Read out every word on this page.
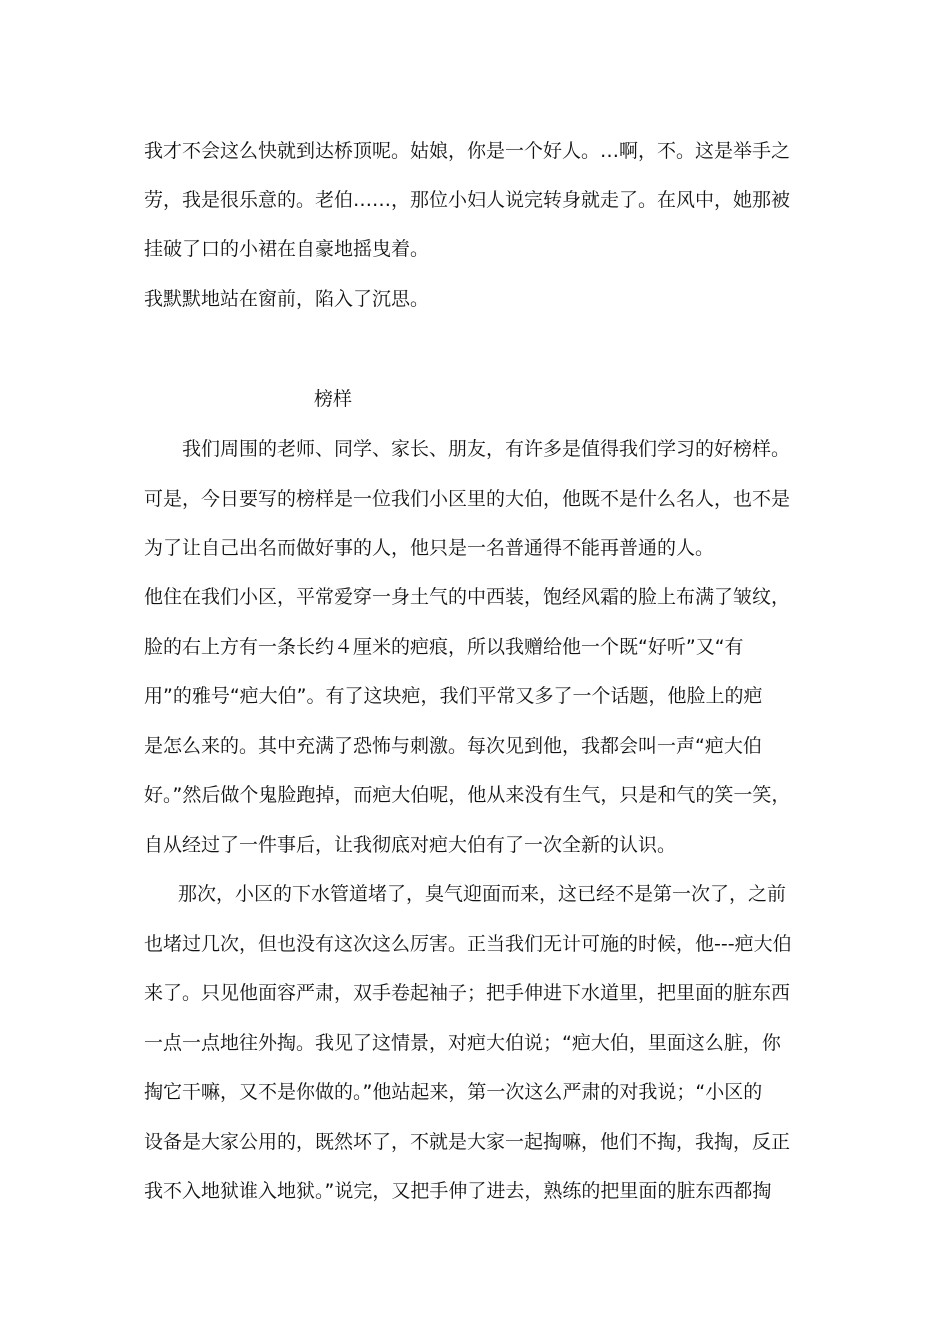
我才不会这么快就到达桥顶呢。姑娘，你是一个好人。…啊，不。这是举手之
劳，我是很乐意的。老伯……，那位小妇人说完转身就走了。在风中，她那被
挂破了口的小裙在自豪地摇曳着。
我默默地站在窗前，陷入了沉思。
榜样
我们周围的老师、同学、家长、朋友，有许多是值得我们学习的好榜样。
可是，今日要写的榜样是一位我们小区里的大伯，他既不是什么名人，也不是
为了让自己出名而做好事的人，他只是一名普通得不能再普通的人。
他住在我们小区，平常爱穿一身土气的中西装，饱经风霜的脸上布满了皱纹，
脸的右上方有一条长约４厘米的疤痕，所以我赠给他一个既“好听”又“有
用”的雅号“疤大伯”。有了这块疤，我们平常又多了一个话题，他脸上的疤
是怎么来的。其中充满了恐怖与刺激。每次见到他，我都会叫一声“疤大伯
好。”然后做个鬼脸跑掉，而疤大伯呢，他从来没有生气，只是和气的笑一笑，
自从经过了一件事后，让我彻底对疤大伯有了一次全新的认识。
那次，小区的下水管道堵了，臭气迎面而来，这已经不是第一次了，之前
也堵过几次，但也没有这次这么厉害。正当我们无计可施的时候，他---疤大伯
来了。只见他面容严肃，双手卷起袖子；把手伸进下水道里，把里面的脏东西
一点一点地往外掏。我见了这情景，对疤大伯说；“疤大伯，里面这么脏，你
掏它干嘛，又不是你做的。”他站起来，第一次这么严肃的对我说；“小区的
设备是大家公用的，既然坏了，不就是大家一起掏嘛，他们不掏，我掏，反正
我不入地狱谁入地狱。”说完，又把手伸了进去，熟练的把里面的脏东西都掏
